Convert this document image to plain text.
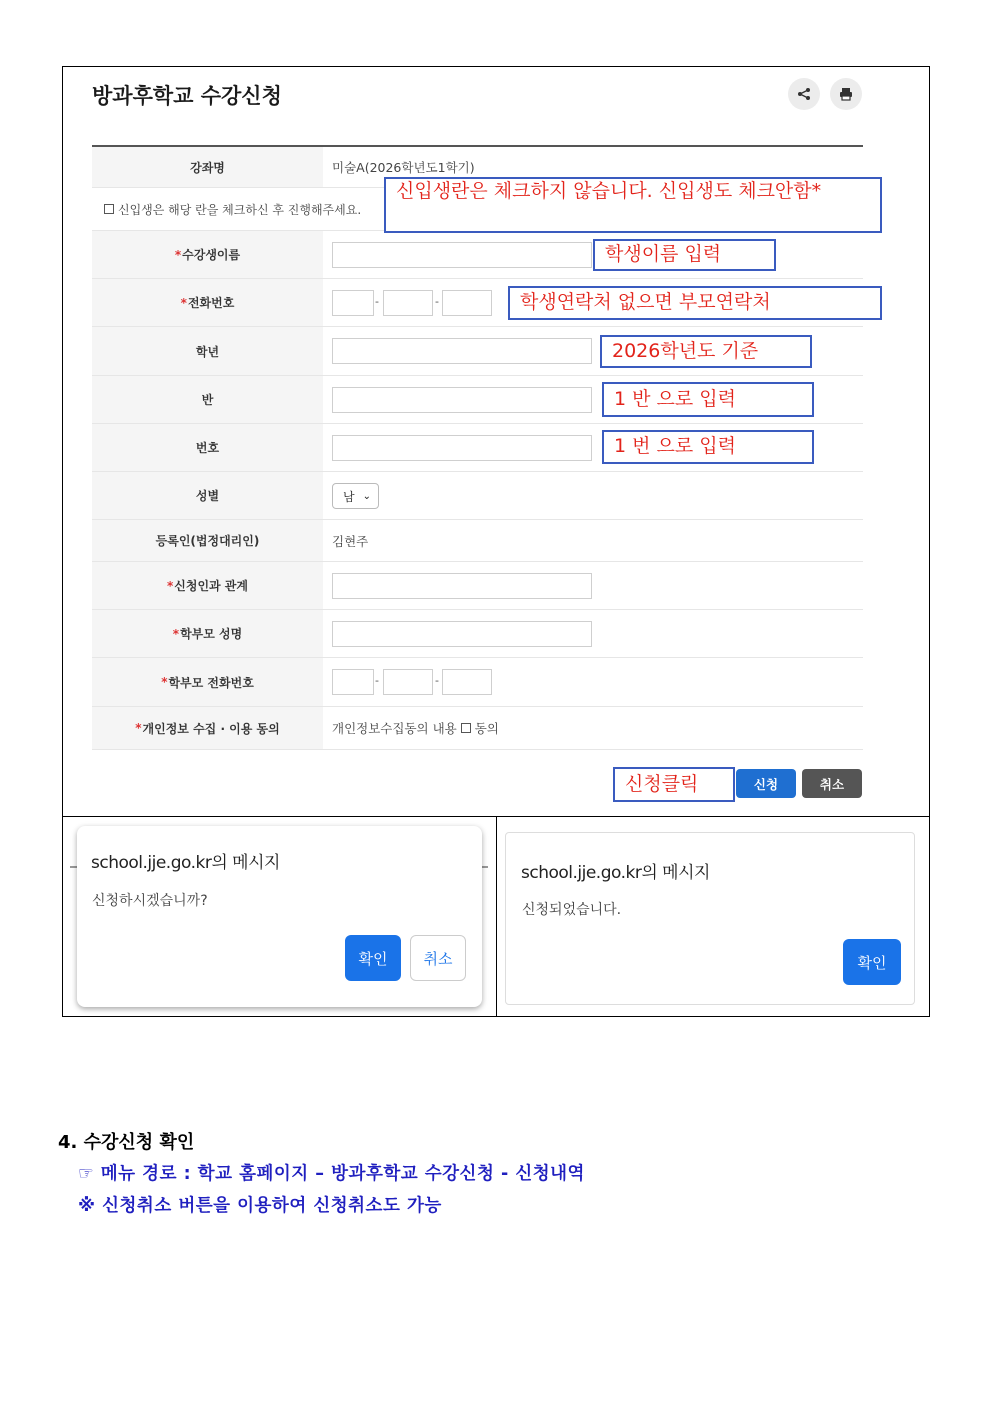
방과후학교 수강신청
강좌명	미술A(2026학년도1학기)
신입생은 해당 란을 체크하신 후 진행해주세요.
* 수강생이름
* 전화번호	-	-
학년
반
번호
성별	남 ⌄
등록인(법정대리인)	김현주
* 신청인과 관계
* 학부모 성명
* 학부모 전화번호	-	-
* 개인정보 수집 · 이용 동의	개인정보수집동의 내용 동의
신청	취소
신입생란은 체크하지 않습니다. 신입생도 체크안함*
학생이름 입력
학생연락처 없으면 부모연락처
2026학년도 기준
1 반 으로 입력
1 번 으로 입력
신청클릭
school.jje.go.kr의 메시지
신청하시겠습니까?
확인	취소
school.jje.go.kr의 메시지
신청되었습니다.
확인
4. 수강신청 확인
☞ 메뉴 경로 : 학교 홈페이지 – 방과후학교 수강신청 - 신청내역
※ 신청취소 버튼을 이용하여 신청취소도 가능
